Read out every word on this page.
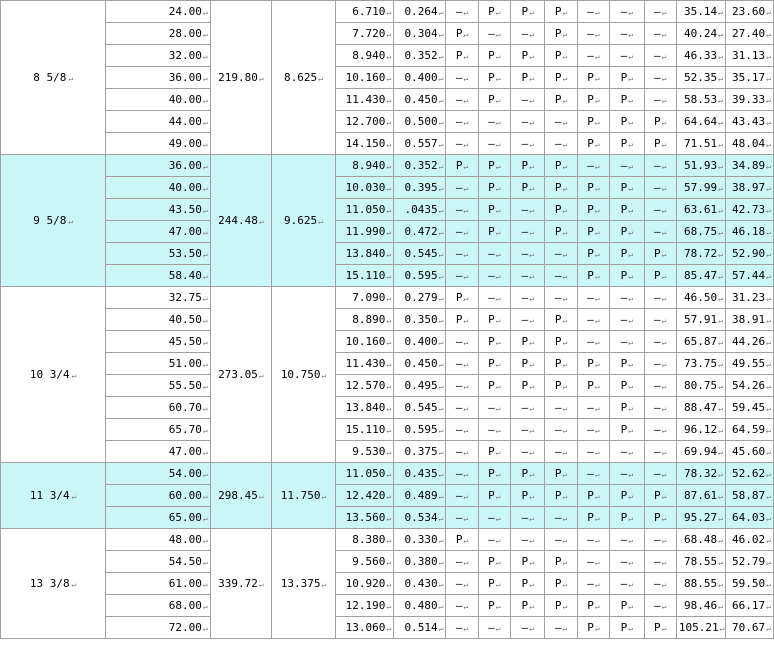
8 5/8 ↵	24.00 ↵	219.80 ↵	8.625 ↵	6.710 ↵	0.264 ↵	– ↵	P ↵	P ↵	P ↵	– ↵	– ↵	– ↵	35.14 ↵	23.60 ↵
	28.00 ↵			7.720 ↵	0.304 ↵	P ↵	– ↵	– ↵	P ↵	– ↵	– ↵	– ↵	40.24 ↵	27.40 ↵
	32.00 ↵			8.940 ↵	0.352 ↵	P ↵	P ↵	P ↵	P ↵	– ↵	– ↵	– ↵	46.33 ↵	31.13 ↵
	36.00 ↵			10.160 ↵	0.400 ↵	– ↵	P ↵	P ↵	P ↵	P ↵	P ↵	– ↵	52.35 ↵	35.17 ↵
	40.00 ↵			11.430 ↵	0.450 ↵	– ↵	P ↵	– ↵	P ↵	P ↵	P ↵	– ↵	58.53 ↵	39.33 ↵
	44.00 ↵			12.700 ↵	0.500 ↵	– ↵	– ↵	– ↵	– ↵	P ↵	P ↵	P ↵	64.64 ↵	43.43 ↵
	49.00 ↵			14.150 ↵	0.557 ↵	– ↵	– ↵	– ↵	– ↵	P ↵	P ↵	P ↵	71.51 ↵	48.04 ↵
9 5/8 ↵	36.00 ↵	244.48 ↵	9.625 ↵	8.940 ↵	0.352 ↵	P ↵	P ↵	P ↵	P ↵	– ↵	– ↵	– ↵	51.93 ↵	34.89 ↵
	40.00 ↵			10.030 ↵	0.395 ↵	– ↵	P ↵	P ↵	P ↵	P ↵	P ↵	– ↵	57.99 ↵	38.97 ↵
	43.50 ↵			11.050 ↵	.0435 ↵	– ↵	P ↵	– ↵	P ↵	P ↵	P ↵	– ↵	63.61 ↵	42.73 ↵
	47.00 ↵			11.990 ↵	0.472 ↵	– ↵	P ↵	– ↵	P ↵	P ↵	P ↵	– ↵	68.75 ↵	46.18 ↵
	53.50 ↵			13.840 ↵	0.545 ↵	– ↵	– ↵	– ↵	– ↵	P ↵	P ↵	P ↵	78.72 ↵	52.90 ↵
	58.40 ↵			15.110 ↵	0.595 ↵	– ↵	– ↵	– ↵	– ↵	P ↵	P ↵	P ↵	85.47 ↵	57.44 ↵
10 3/4 ↵	32.75 ↵	273.05 ↵	10.750 ↵	7.090 ↵	0.279 ↵	P ↵	– ↵	– ↵	– ↵	– ↵	– ↵	– ↵	46.50 ↵	31.23 ↵
	40.50 ↵			8.890 ↵	0.350 ↵	P ↵	P ↵	– ↵	P ↵	– ↵	– ↵	– ↵	57.91 ↵	38.91 ↵
	45.50 ↵			10.160 ↵	0.400 ↵	– ↵	P ↵	P ↵	P ↵	– ↵	– ↵	– ↵	65.87 ↵	44.26 ↵
	51.00 ↵			11.430 ↵	0.450 ↵	– ↵	P ↵	P ↵	P ↵	P ↵	P ↵	– ↵	73.75 ↵	49.55 ↵
	55.50 ↵			12.570 ↵	0.495 ↵	– ↵	P ↵	P ↵	P ↵	P ↵	P ↵	– ↵	80.75 ↵	54.26 ↵
	60.70 ↵			13.840 ↵	0.545 ↵	– ↵	– ↵	– ↵	– ↵	– ↵	P ↵	– ↵	88.47 ↵	59.45 ↵
	65.70 ↵			15.110 ↵	0.595 ↵	– ↵	– ↵	– ↵	– ↵	– ↵	P ↵	– ↵	96.12 ↵	64.59 ↵
	47.00 ↵			9.530 ↵	0.375 ↵	– ↵	P ↵	– ↵	– ↵	– ↵	– ↵	– ↵	69.94 ↵	45.60 ↵
11 3/4 ↵	54.00 ↵	298.45 ↵	11.750 ↵	11.050 ↵	0.435 ↵	– ↵	P ↵	P ↵	P ↵	– ↵	– ↵	– ↵	78.32 ↵	52.62 ↵
	60.00 ↵			12.420 ↵	0.489 ↵	– ↵	P ↵	P ↵	P ↵	P ↵	P ↵	P ↵	87.61 ↵	58.87 ↵
	65.00 ↵			13.560 ↵	0.534 ↵	– ↵	– ↵	– ↵	– ↵	P ↵	P ↵	P ↵	95.27 ↵	64.03 ↵
13 3/8 ↵	48.00 ↵	339.72 ↵	13.375 ↵	8.380 ↵	0.330 ↵	P ↵	– ↵	– ↵	– ↵	– ↵	– ↵	– ↵	68.48 ↵	46.02 ↵
	54.50 ↵			9.560 ↵	0.380 ↵	– ↵	P ↵	P ↵	P ↵	– ↵	– ↵	– ↵	78.55 ↵	52.79 ↵
	61.00 ↵			10.920 ↵	0.430 ↵	– ↵	P ↵	P ↵	P ↵	– ↵	– ↵	– ↵	88.55 ↵	59.50 ↵
	68.00 ↵			12.190 ↵	0.480 ↵	– ↵	P ↵	P ↵	P ↵	P ↵	P ↵	– ↵	98.46 ↵	66.17 ↵
	72.00 ↵			13.060 ↵	0.514 ↵	– ↵	– ↵	– ↵	– ↵	P ↵	P ↵	P ↵	105.21 ↵	70.67 ↵
